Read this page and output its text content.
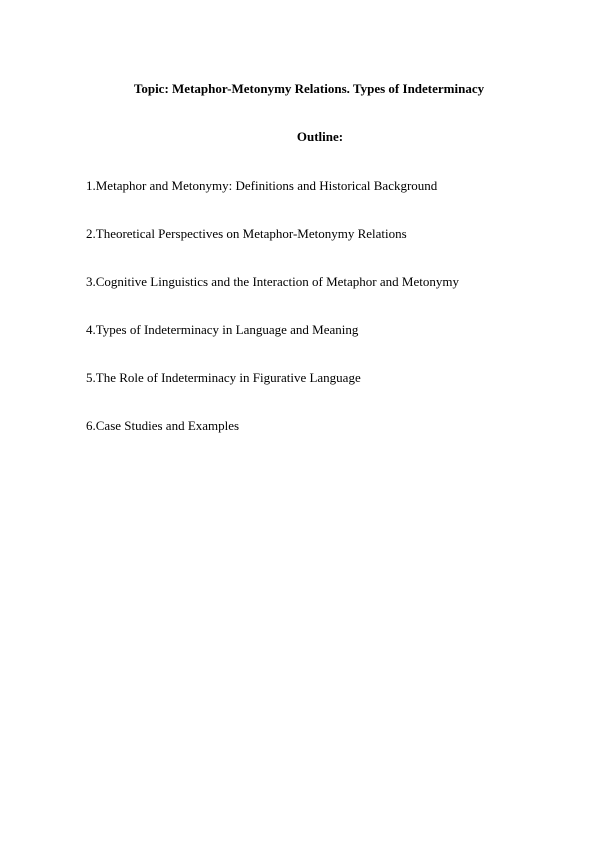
Topic: Metaphor-Metonymy Relations. Types of Indeterminacy
Outline:
1.Metaphor and Metonymy: Definitions and Historical Background
2.Theoretical Perspectives on Metaphor-Metonymy Relations
3.Cognitive Linguistics and the Interaction of Metaphor and Metonymy
4.Types of Indeterminacy in Language and Meaning
5.The Role of Indeterminacy in Figurative Language
6.Case Studies and Examples
